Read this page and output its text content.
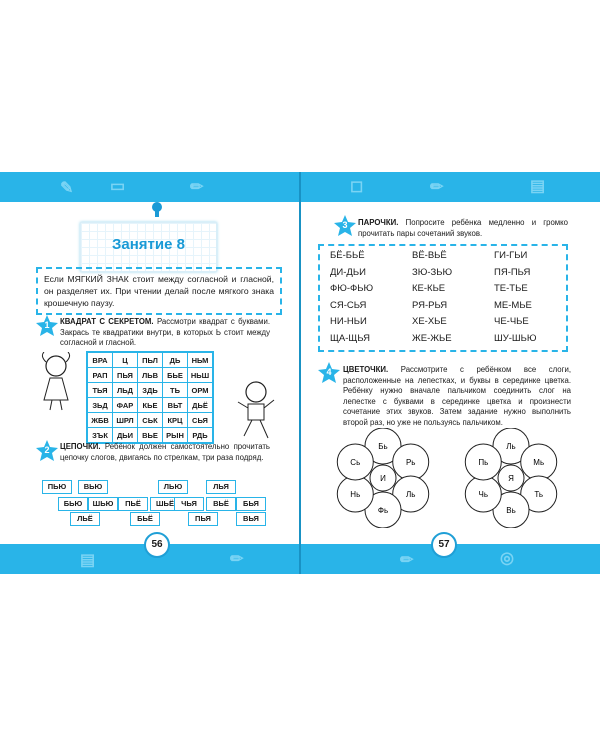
✎ ▭	✏	◻	✏	▤
▤	✏	✏	◎
Занятие 8
Если МЯГКИЙ ЗНАК стоит между согласной и гласной, он разделяет их. При чтении делай после мягкого знака крошечную паузу.
1	КВАДРАТ С СЕКРЕТОМ. Рассмотри квадрат с буквами. Закрась те квадратики внутри, в которых Ь стоит между согласной и гласной.
ВРА	Ц	ПЬЛ	ДЬ	НЬМ
РАП	ПЬЯ	ЛЬВ	БЬЕ	НЬШ
ТЬЯ	ЛЬД	ЗДЬ	ТЬ	ОРМ
ЗЬД	ФАР	КЬЕ	ВЬТ	ДЬЁ
ЖБВ	ШРЛ	СЬК	КРЦ	СЬЯ
ЗЪК	ДЬИ	ВЬЕ	РЫН	РДЬ
2	ЦЕПОЧКИ. Ребёнок должен самостоятельно прочитать цепочку слогов, двигаясь по стрелкам, три раза подряд.
ПЬЮ	ВЬЮ
БЬЮ	ШЬЮ	ПЬЁ
ЛЬЮ
ЛЬЁ
ШЬЁ
БЬЁ
ВЬЁ
ПЬЯ
ЛЬЯ
БЬЯ
ЧЬЯ
ВЬЯ
56
3	ПАРОЧКИ. Попросите ребёнка медленно и громко прочитать пары сочетаний звуков.
БЁ-БЬЁ	ВЁ-ВЬЁ	ГИ-ГЬИ
ДИ-ДЬИ	ЗЮ-ЗЬЮ	ПЯ-ПЬЯ
ФЮ-ФЬЮ	КЕ-КЬЕ	ТЕ-ТЬЕ
СЯ-СЬЯ	РЯ-РЬЯ	МЕ-МЬЕ
НИ-НЬИ	ХЕ-ХЬЕ	ЧЕ-ЧЬЕ
ЩА-ЩЬЯ	ЖЕ-ЖЬЕ	ШУ-ШЬЮ
4	ЦВЕТОЧКИ. Рассмотрите с ребёнком все слоги, расположенные на лепестках, и буквы в серединке цветка. Ребёнку нужно вначале пальчиком соединить слог на лепестке с буквами в серединке цветка и произнести сочетание этих звуков. Затем задание нужно выполнить второй раз, но уже не пользуясь пальчиком.
Бь
Рь
Ль
Фь
Нь
Сь
И
Ль
Мь
Ть
Вь
Чь
Пь
Я
57
